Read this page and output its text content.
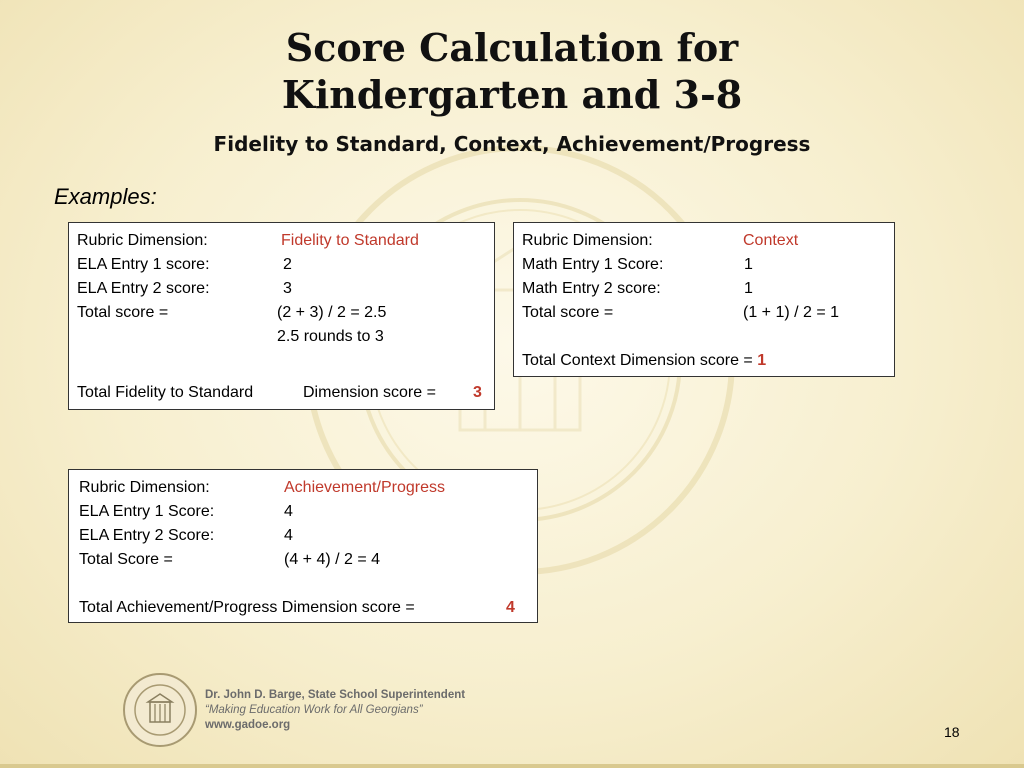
Score Calculation for
Kindergarten and 3-8
Fidelity to Standard, Context, Achievement/Progress
Examples:
Rubric Dimension:	Fidelity to Standard
ELA Entry 1 score:	2
ELA Entry 2 score:	3
Total score =	(2 + 3) / 2 = 2.5
2.5 rounds to 3
Total Fidelity to Standard	Dimension score = 3
Rubric Dimension:	Context
Math Entry 1 Score:	1
Math Entry 2 score:	1
Total score =	(1 + 1) / 2 = 1
Total Context Dimension score = 1
Rubric Dimension:	Achievement/Progress
ELA Entry 1 Score:	4
ELA Entry 2 Score:	4
Total Score =	(4 + 4) / 2 = 4
Total Achievement/Progress Dimension score =	4
Dr. John D. Barge, State School Superintendent
“Making Education Work for All Georgians”
www.gadoe.org	18
